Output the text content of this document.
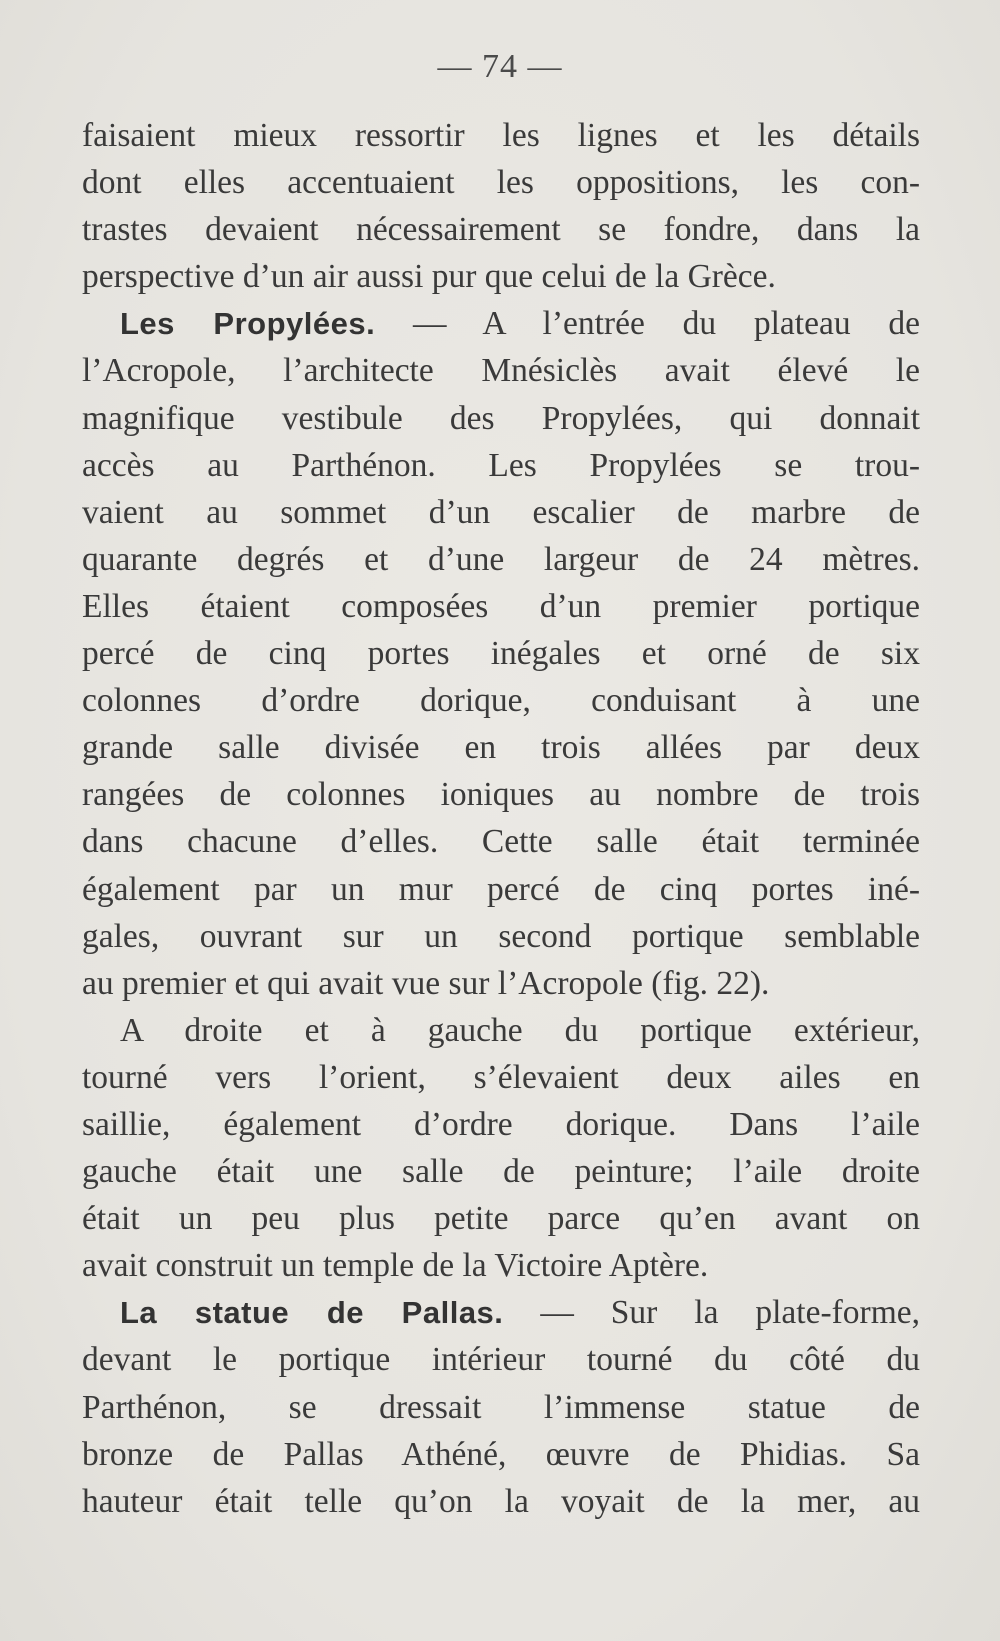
— 74 —
faisaient mieux ressortir les lignes et les détails
dont elles accentuaient les oppositions, les con-
trastes devaient nécessairement se fondre, dans la
perspective d’un air aussi pur que celui de la Grèce.
Les Propylées. — A l’entrée du plateau de
l’Acropole, l’architecte Mnésiclès avait élevé le
magnifique vestibule des Propylées, qui donnait
accès au Parthénon. Les Propylées se trou-
vaient au sommet d’un escalier de marbre de
quarante degrés et d’une largeur de 24 mètres.
Elles étaient composées d’un premier portique
percé de cinq portes inégales et orné de six
colonnes d’ordre dorique, conduisant à une
grande salle divisée en trois allées par deux
rangées de colonnes ioniques au nombre de trois
dans chacune d’elles. Cette salle était terminée
également par un mur percé de cinq portes iné-
gales, ouvrant sur un second portique semblable
au premier et qui avait vue sur l’Acropole (fig. 22).
A droite et à gauche du portique extérieur,
tourné vers l’orient, s’élevaient deux ailes en
saillie, également d’ordre dorique. Dans l’aile
gauche était une salle de peinture; l’aile droite
était un peu plus petite parce qu’en avant on
avait construit un temple de la Victoire Aptère.
La statue de Pallas. — Sur la plate-forme,
devant le portique intérieur tourné du côté du
Parthénon, se dressait l’immense statue de
bronze de Pallas Athéné, œuvre de Phidias. Sa
hauteur était telle qu’on la voyait de la mer, au
